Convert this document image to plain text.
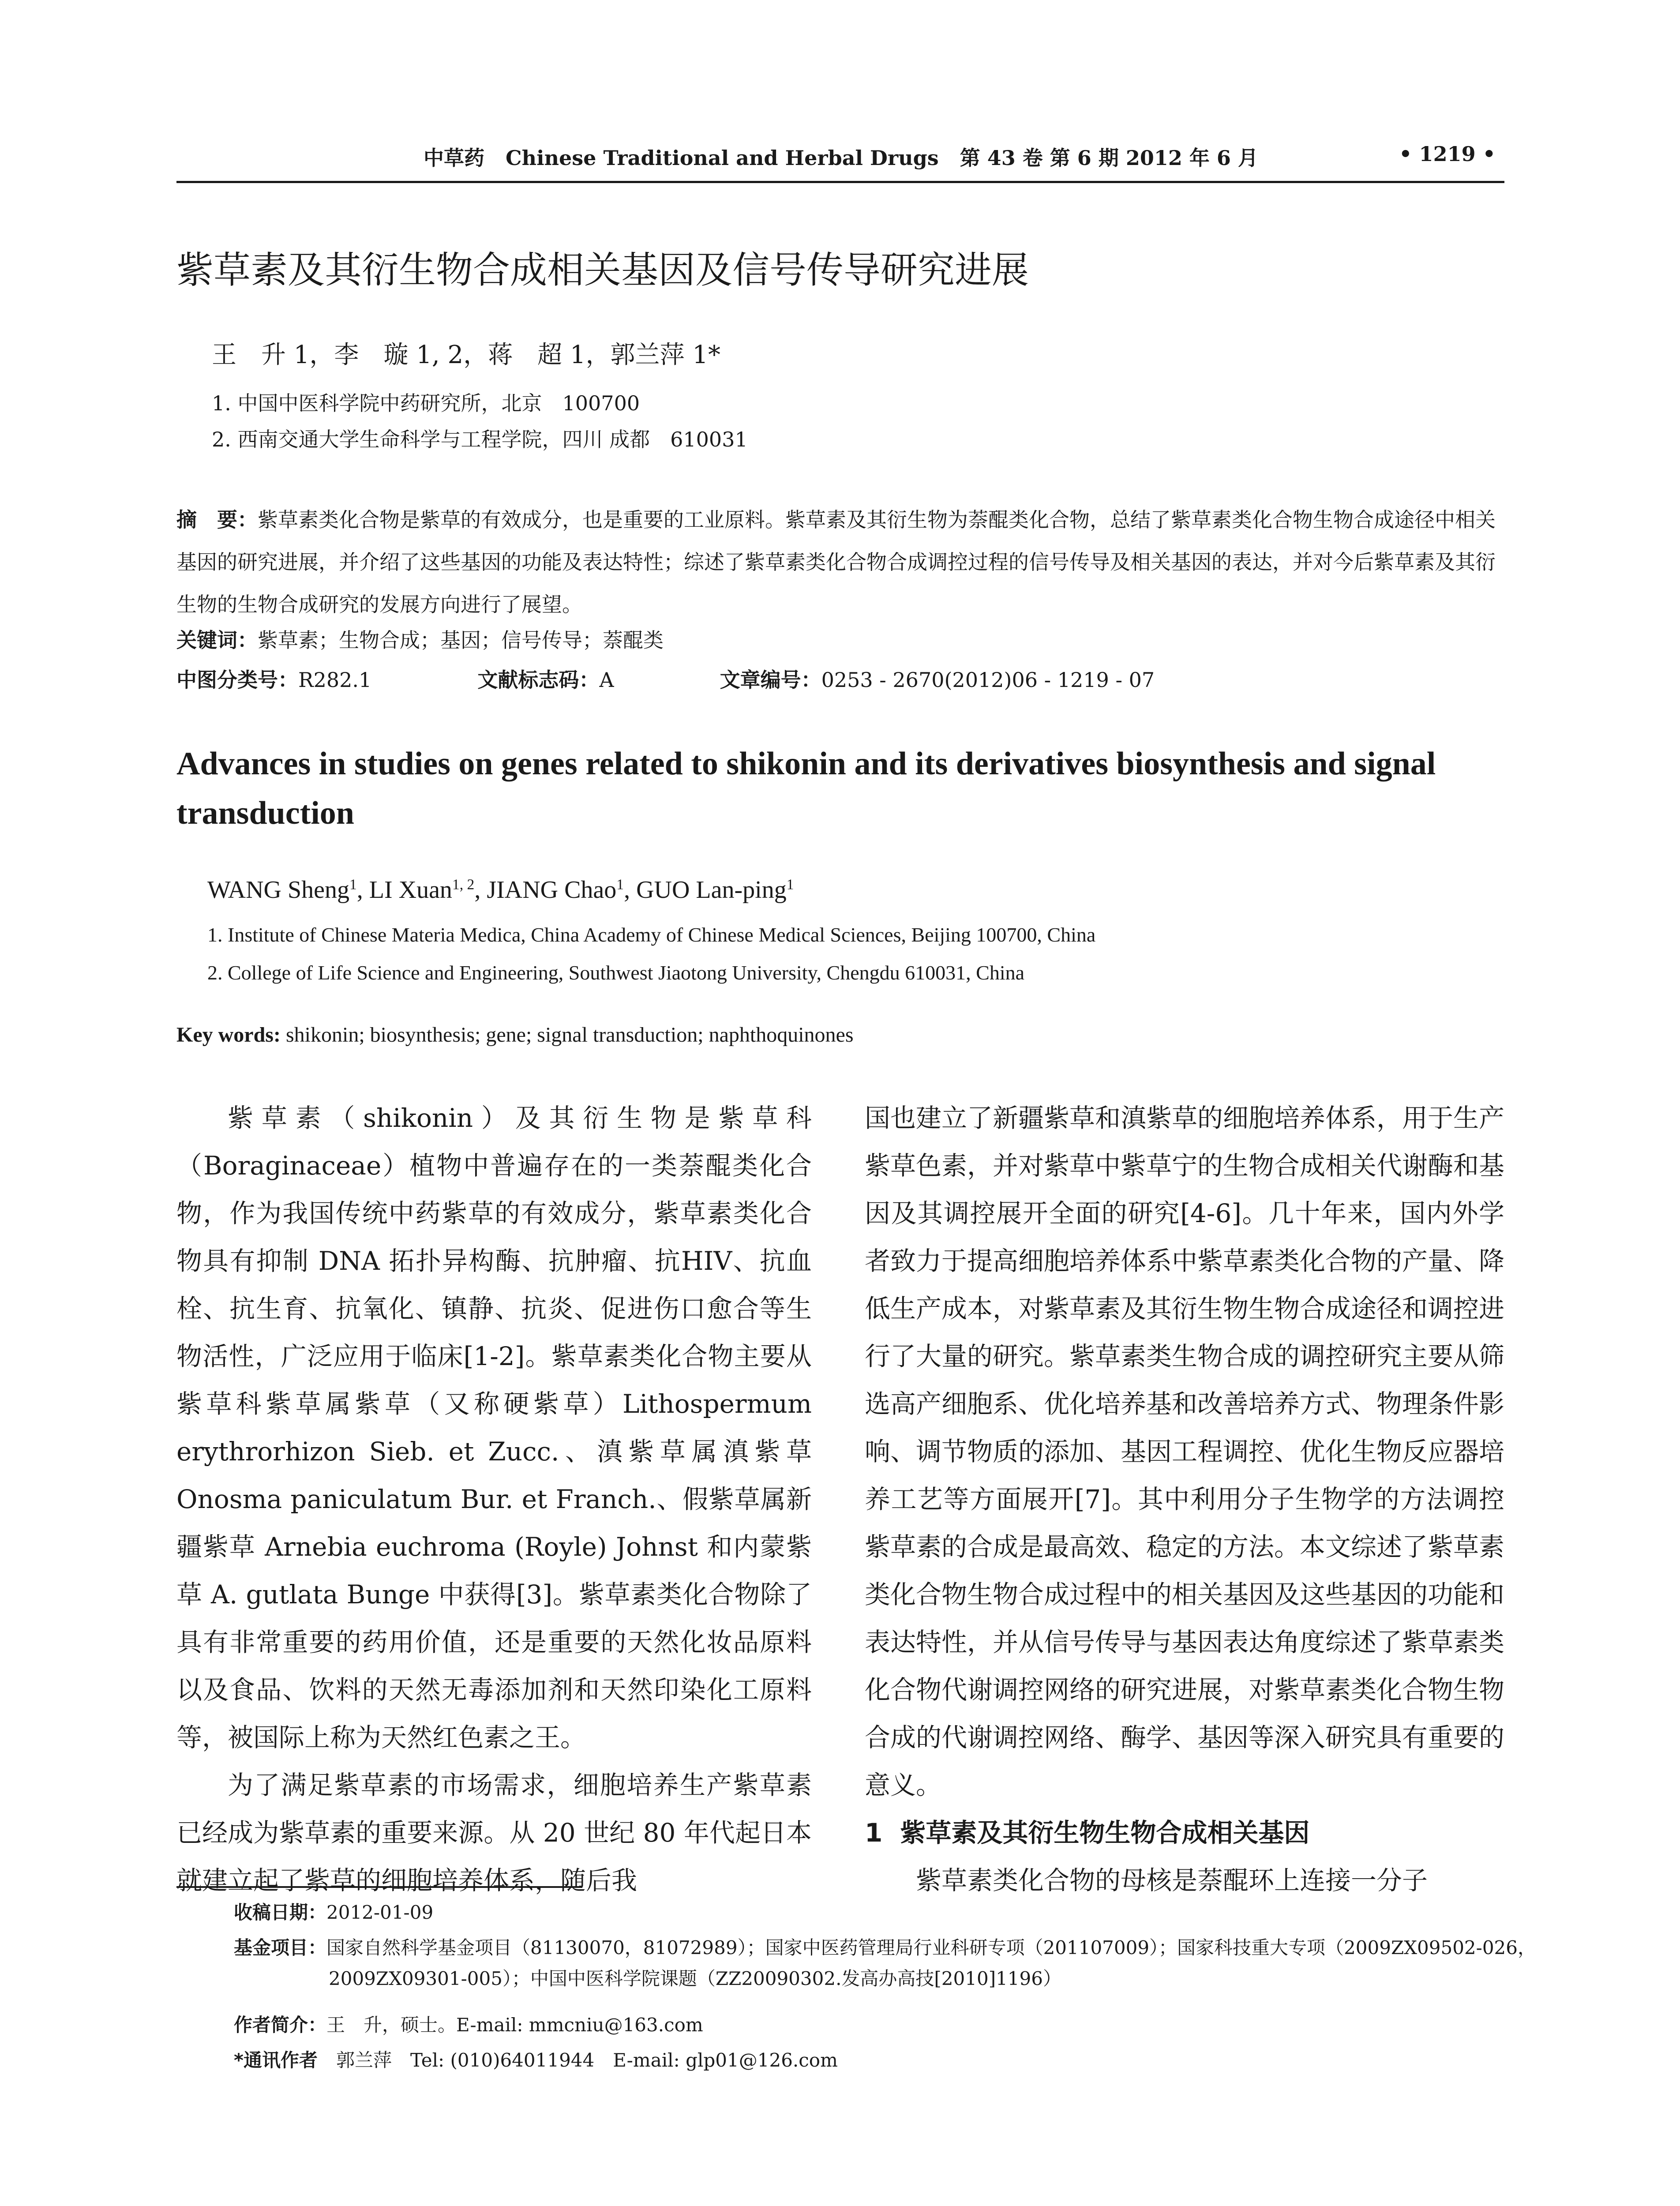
中草药 Chinese Traditional and Herbal Drugs 第 43 卷 第 6 期 2012 年 6 月	• 1219 •
紫草素及其衍生物合成相关基因及信号传导研究进展
王　升 1，李　璇 1, 2，蒋　超 1，郭兰萍 1*
1. 中国中医科学院中药研究所，北京　100700
2. 西南交通大学生命科学与工程学院，四川 成都　610031
摘　要：紫草素类化合物是紫草的有效成分，也是重要的工业原料。紫草素及其衍生物为萘醌类化合物，总结了紫草素类化合物生物合成途径中相关基因的研究进展，并介绍了这些基因的功能及表达特性；综述了紫草素类化合物合成调控过程的信号传导及相关基因的表达，并对今后紫草素及其衍生物的生物合成研究的发展方向进行了展望。
关键词：紫草素；生物合成；基因；信号传导；萘醌类
中图分类号：R282.1	文献标志码：A	文章编号：0253 - 2670(2012)06 - 1219 - 07
Advances in studies on genes related to shikonin and its derivatives biosynthesis and signal transduction
WANG Sheng$^1$, LI Xuan$^{1, 2}$, JIANG Chao$^1$, GUO Lan-ping$^1$
1. Institute of Chinese Materia Medica, China Academy of Chinese Medical Sciences, Beijing 100700, China
2. College of Life Science and Engineering, Southwest Jiaotong University, Chengdu 610031, China
Key words: shikonin; biosynthesis; gene; signal transduction; naphthoquinones

紫草素（shikonin）及其衍生物是紫草科（Boraginaceae）植物中普遍存在的一类萘醌类化合物，作为我国传统中药紫草的有效成分，紫草素类化合物具有抑制 DNA 拓扑异构酶、抗肿瘤、抗HIV、抗血栓、抗生育、抗氧化、镇静、抗炎、促进伤口愈合等生物活性，广泛应用于临床[1-2]。紫草素类化合物主要从紫草科紫草属紫草（又称硬紫草）Lithospermum erythrorhizon Sieb. et Zucc.、滇紫草属滇紫草 Onosma paniculatum Bur. et Franch.、假紫草属新疆紫草 Arnebia euchroma (Royle) Johnst 和内蒙紫草 A. gutlata Bunge 中获得[3]。紫草素类化合物除了具有非常重要的药用价值，还是重要的天然化妆品原料以及食品、饮料的天然无毒添加剂和天然印染化工原料等，被国际上称为天然红色素之王。

为了满足紫草素的市场需求，细胞培养生产紫草素已经成为紫草素的重要来源。从 20 世纪 80 年代起日本就建立起了紫草的细胞培养体系，随后我

国也建立了新疆紫草和滇紫草的细胞培养体系，用于生产紫草色素，并对紫草中紫草宁的生物合成相关代谢酶和基因及其调控展开全面的研究[4-6]。几十年来，国内外学者致力于提高细胞培养体系中紫草素类化合物的产量、降低生产成本，对紫草素及其衍生物生物合成途径和调控进行了大量的研究。紫草素类生物合成的调控研究主要从筛选高产细胞系、优化培养基和改善培养方式、物理条件影响、调节物质的添加、基因工程调控、优化生物反应器培养工艺等方面展开[7]。其中利用分子生物学的方法调控紫草素的合成是最高效、稳定的方法。本文综述了紫草素类化合物生物合成过程中的相关基因及这些基因的功能和表达特性，并从信号传导与基因表达角度综述了紫草素类化合物代谢调控网络的研究进展，对紫草素类化合物生物合成的代谢调控网络、酶学、基因等深入研究具有重要的意义。

1 紫草素及其衍生物生物合成相关基因

紫草素类化合物的母核是萘醌环上连接一分子

收稿日期：2012-01-09
基金项目：国家自然科学基金项目（81130070，81072989）；国家中医药管理局行业科研专项（201107009）；国家科技重大专项（2009ZX09502-026，2009ZX09301-005）；中国中医科学院课题（ZZ20090302.发高办高技[2010]1196）
作者简介：王　升，硕士。E-mail: mmcniu@163.com
*通讯作者　 郭兰萍　Tel: (010)64011944　E-mail: glp01@126.com
